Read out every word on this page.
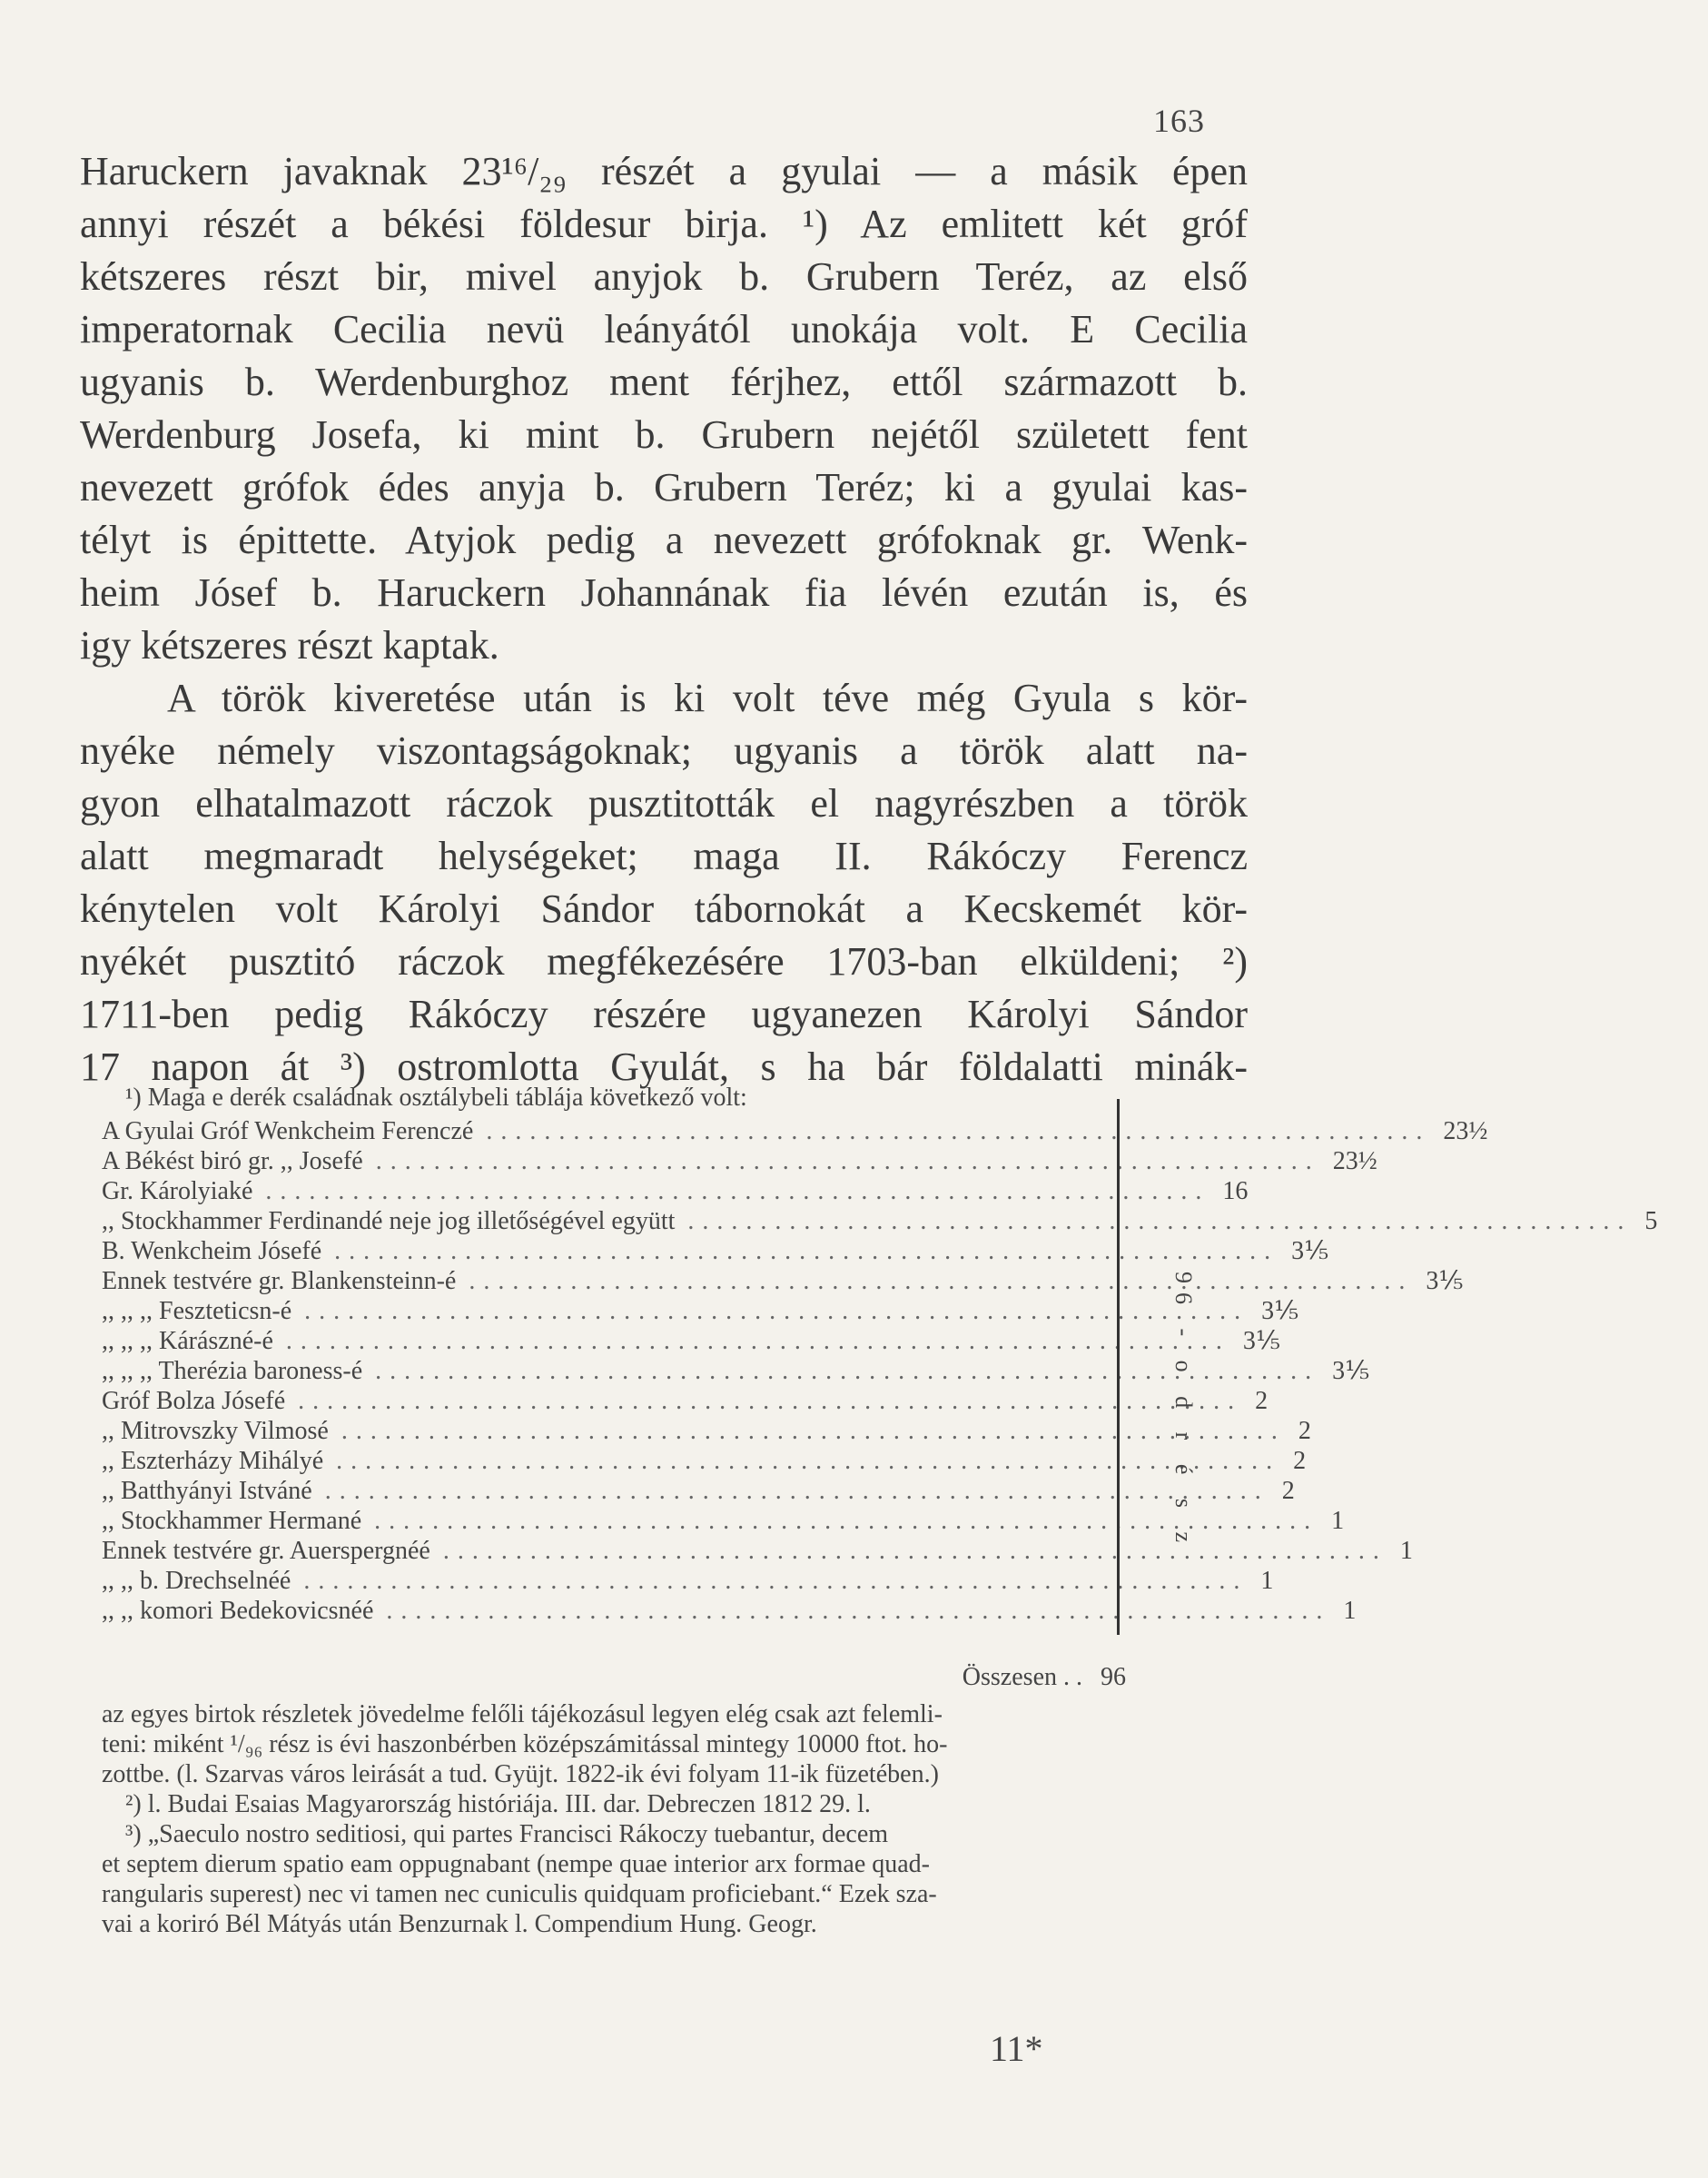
163
Haruckern javaknak 23¹⁶/₂₉ részét a gyulai — a másik épen
annyi részét a békési földesur birja. ¹) Az emlitett két gróf
kétszeres részt bir, mivel anyjok b. Grubern Teréz, az első
imperatornak Cecilia nevü leányától unokája volt. E Cecilia
ugyanis b. Werdenburghoz ment férjhez, ettől származott b.
Werdenburg Josefa, ki mint b. Grubern nejétől született fent
nevezett grófok édes anyja b. Grubern Teréz; ki a gyulai kas-
télyt is épittette. Atyjok pedig a nevezett grófoknak gr. Wenk-
heim Jósef b. Haruckern Johannának fia lévén ezután is, és
igy kétszeres részt kaptak.
A török kiveretése után is ki volt téve még Gyula s kör-
nyéke némely viszontagságoknak; ugyanis a török alatt na-
gyon elhatalmazott ráczok pusztitották el nagyrészben a török
alatt megmaradt helységeket; maga II. Rákóczy Ferencz
kénytelen volt Károlyi Sándor tábornokát a Kecskemét kör-
nyékét pusztitó ráczok megfékezésére 1703-ban elküldeni; ²)
1711-ben pedig Rákóczy részére ugyanezen Károlyi Sándor
17 napon át ³) ostromlotta Gyulát, s ha bár földalatti minák-
¹) Maga e derék családnak osztálybeli táblája következő volt:
A Gyulai Gróf Wenkcheim Ferenczé ................................................................. 23½
A Békést biró gr. ,, Josefé ................................................................. 23½
Gr. Károlyiaké ................................................................. 16
,, Stockhammer Ferdinandé neje jog illetőségével együtt ................................................................. 5
B. Wenkcheim Jósefé ................................................................. 3⅕
Ennek testvére gr. Blankensteinn-é ................................................................. 3⅕
,, ,, ,, Feszteticsn-é ................................................................. 3⅕
,, ,, ,, Kárászné-é ................................................................. 3⅕
,, ,, ,, Therézia baroness-é ................................................................. 3⅕
Gróf Bolza Jósefé ................................................................. 2
,, Mitrovszky Vilmosé ................................................................. 2
,, Eszterházy Mihályé ................................................................. 2
,, Batthyányi Istváné ................................................................. 2
,, Stockhammer Hermané ................................................................. 1
Ennek testvére gr. Auerspergnéé ................................................................. 1
,, ,, b. Drechselnéé ................................................................. 1
,, ,, komori Bedekovicsnéé ................................................................. 1
Összesen . . 96
az egyes birtok részletek jövedelme felőli tájékozásul legyen elég csak azt felemli-
teni: miként ¹/₉₆ rész is évi haszonbérben középszámitással mintegy 10000 ftot. ho-
zottbe. (l. Szarvas város leirását a tud. Gyüjt. 1822-ik évi folyam 11-ik füzetében.)
²) l. Budai Esaias Magyarország históriája. III. dar. Debreczen 1812 29. l.
³) „Saeculo nostro seditiosi, qui partes Francisci Rákoczy tuebantur, decem
et septem dierum spatio eam oppugnabant (nempe quae interior arx formae quad-
rangularis superest) nec vi tamen nec cuniculis quidquam proficiebant.“ Ezek sza-
vai a koriró Bél Mátyás után Benzurnak l. Compendium Hung. Geogr.
96 - o d r é s z
11*
